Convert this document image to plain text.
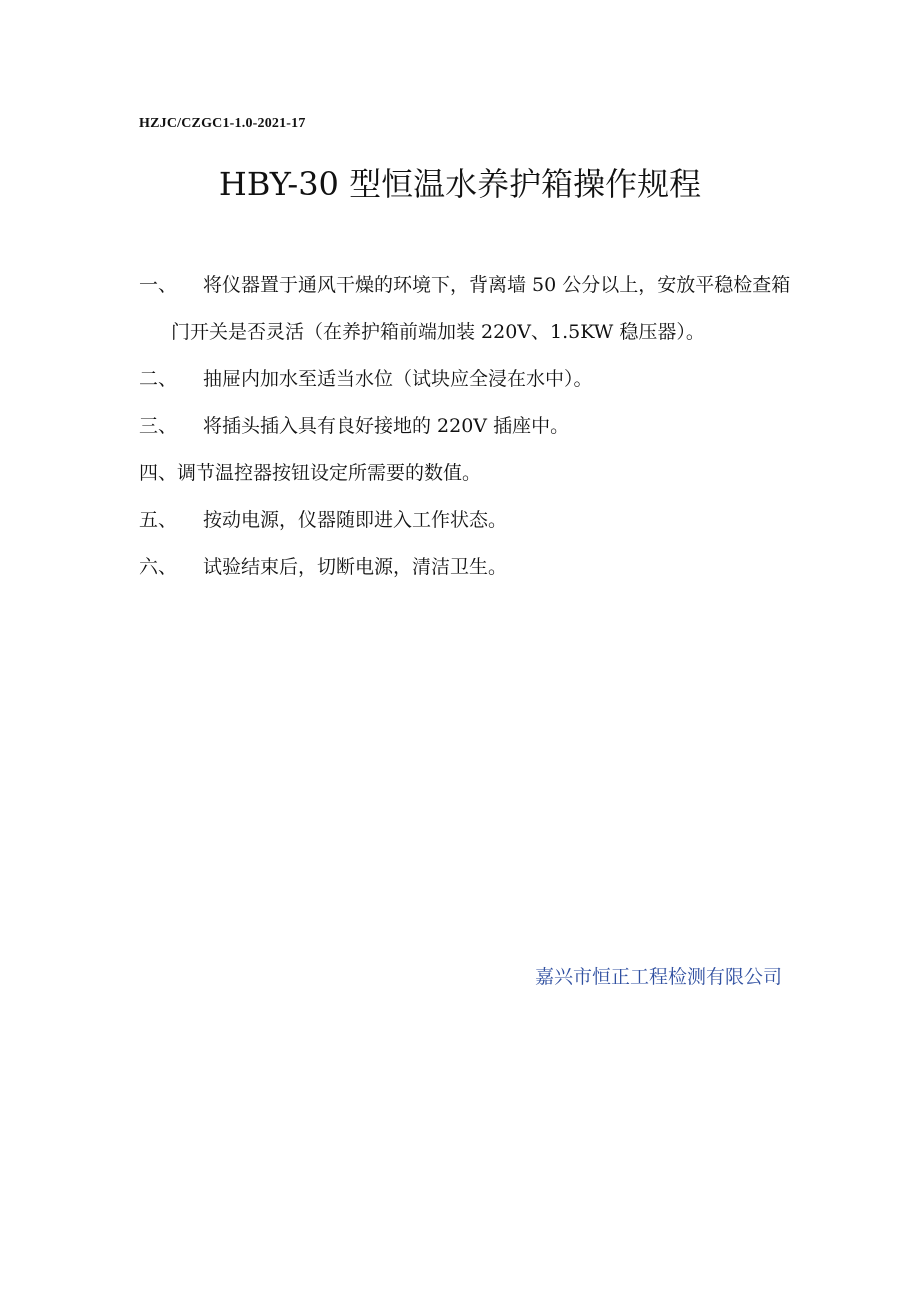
HZJC/CZGC1-1.0-2021-17
HBY-30 型恒温水养护箱操作规程
一、	将仪器置于通风干燥的环境下，背离墙 50 公分以上，安放平稳检查箱门开关是否灵活（在养护箱前端加装 220V、1.5KW 稳压器）。
二、	抽屉内加水至适当水位（试块应全浸在水中）。
三、	将插头插入具有良好接地的 220V 插座中。
四、 调节温控器按钮设定所需要的数值。
五、	按动电源，仪器随即进入工作状态。
六、	试验结束后，切断电源，清洁卫生。
嘉兴市恒正工程检测有限公司
